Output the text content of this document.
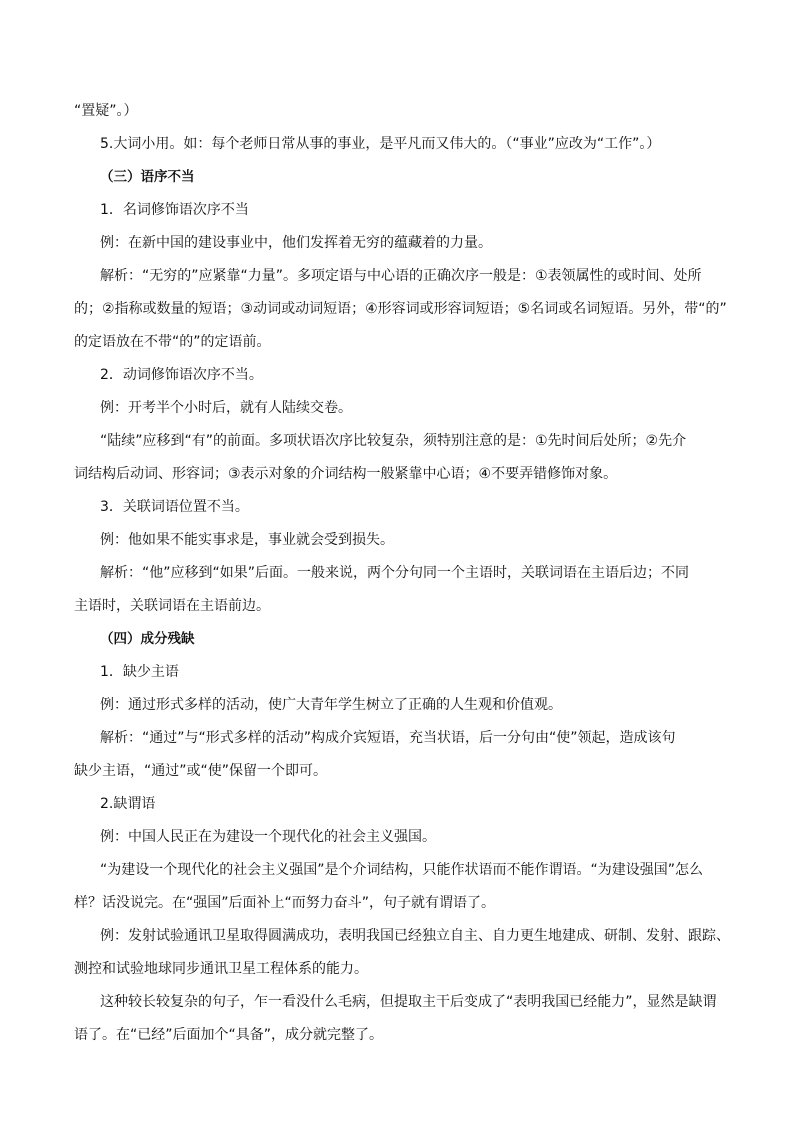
“置疑”。）
5.大词小用。如：每个老师日常从事的事业，是平凡而又伟大的。（“事业”应改为“工作”。）
（三）语序不当
1．名词修饰语次序不当
例：在新中国的建设事业中，他们发挥着无穷的蕴藏着的力量。
解析：“无穷的”应紧靠“力量”。多项定语与中心语的正确次序一般是：①表领属性的或时间、处所
的；②指称或数量的短语；③动词或动词短语；④形容词或形容词短语；⑤名词或名词短语。另外，带“的”
的定语放在不带“的”的定语前。
2．动词修饰语次序不当。
例：开考半个小时后，就有人陆续交卷。
“陆续”应移到“有”的前面。多项状语次序比较复杂，须特别注意的是：①先时间后处所；②先介
词结构后动词、形容词；③表示对象的介词结构一般紧靠中心语；④不要弄错修饰对象。
3．关联词语位置不当。
例：他如果不能实事求是，事业就会受到损失。
解析：“他”应移到“如果”后面。一般来说，两个分句同一个主语时，关联词语在主语后边；不同
主语时，关联词语在主语前边。
（四）成分残缺
1．缺少主语
例：通过形式多样的活动，使广大青年学生树立了正确的人生观和价值观。
解析：“通过”与“形式多样的活动”构成介宾短语，充当状语，后一分句由“使”领起，造成该句
缺少主语，“通过”或“使”保留一个即可。
2.缺谓语
例：中国人民正在为建设一个现代化的社会主义强国。
“为建设一个现代化的社会主义强国”是个介词结构，只能作状语而不能作谓语。“为建设强国”怎么
样？话没说完。在“强国”后面补上“而努力奋斗”，句子就有谓语了。
例：发射试验通讯卫星取得圆满成功，表明我国已经独立自主、自力更生地建成、研制、发射、跟踪、
测控和试验地球同步通讯卫星工程体系的能力。
这种较长较复杂的句子，乍一看没什么毛病，但提取主干后变成了“表明我国已经能力”，显然是缺谓
语了。在“已经”后面加个“具备”，成分就完整了。
